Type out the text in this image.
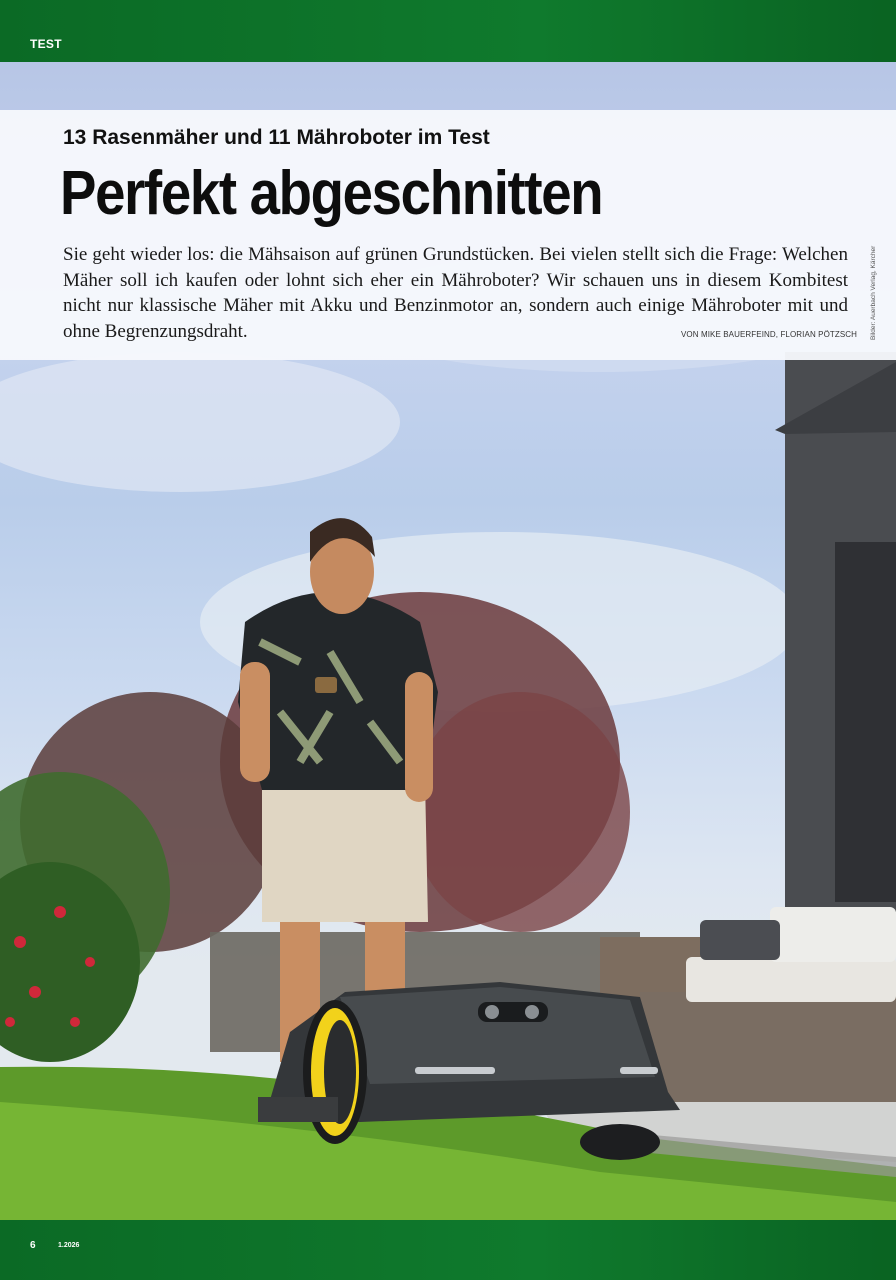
TEST
13 Rasenmäher und 11 Mähroboter im Test
Perfekt abgeschnitten

Sie geht wieder los: die Mähsaison auf grünen Grundstücken. Bei vielen stellt sich die Frage: Welchen Mäher soll ich kaufen oder lohnt sich eher ein Mähroboter? Wir schauen uns in diesem Kombitest nicht nur klassische Mäher mit Akku und Benzinmotor an, sondern auch einige Mähroboter mit und ohne Begrenzungsdraht.	VON MIKE BAUERFEIND, FLORIAN PÖTZSCH Bilder: Auerbach Verlag, Kärcher
6	1.2026
